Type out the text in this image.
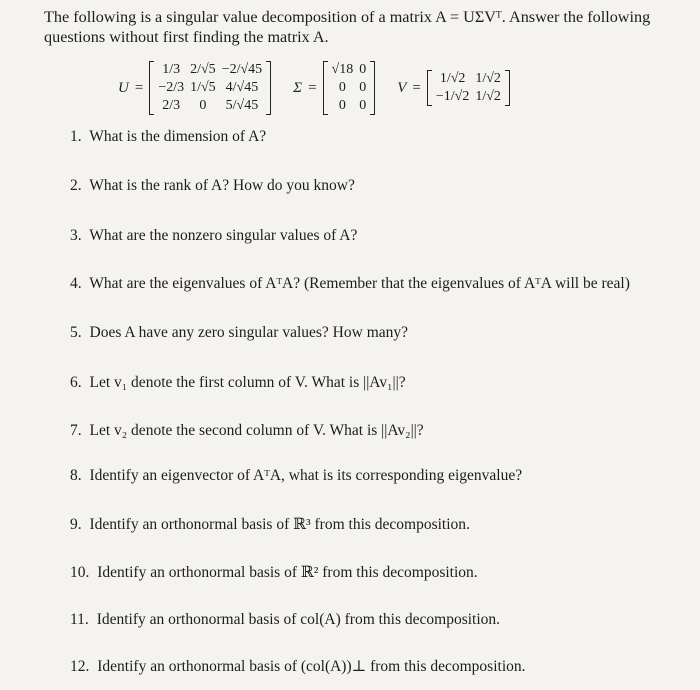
The following is a singular value decomposition of a matrix A = UΣVᵀ. Answer the following questions without first finding the matrix A.
U =
1/3	2/√5	−2/√45
−2/3	1/√5	4/√45
2/3	0	5/√45
Σ =
√18	0
0	0
0	0
V =
1/√2	1/√2
−1/√2	1/√2
1. What is the dimension of A?
2. What is the rank of A? How do you know?
3. What are the nonzero singular values of A?
4. What are the eigenvalues of AᵀA? (Remember that the eigenvalues of AᵀA will be real)
5. Does A have any zero singular values? How many?
6. Let v₁ denote the first column of V. What is ||Av₁||?
7. Let v₂ denote the second column of V. What is ||Av₂||?
8. Identify an eigenvector of AᵀA, what is its corresponding eigenvalue?
9. Identify an orthonormal basis of ℝ³ from this decomposition.
10. Identify an orthonormal basis of ℝ² from this decomposition.
11. Identify an orthonormal basis of col(A) from this decomposition.
12. Identify an orthonormal basis of (col(A))⊥ from this decomposition.
